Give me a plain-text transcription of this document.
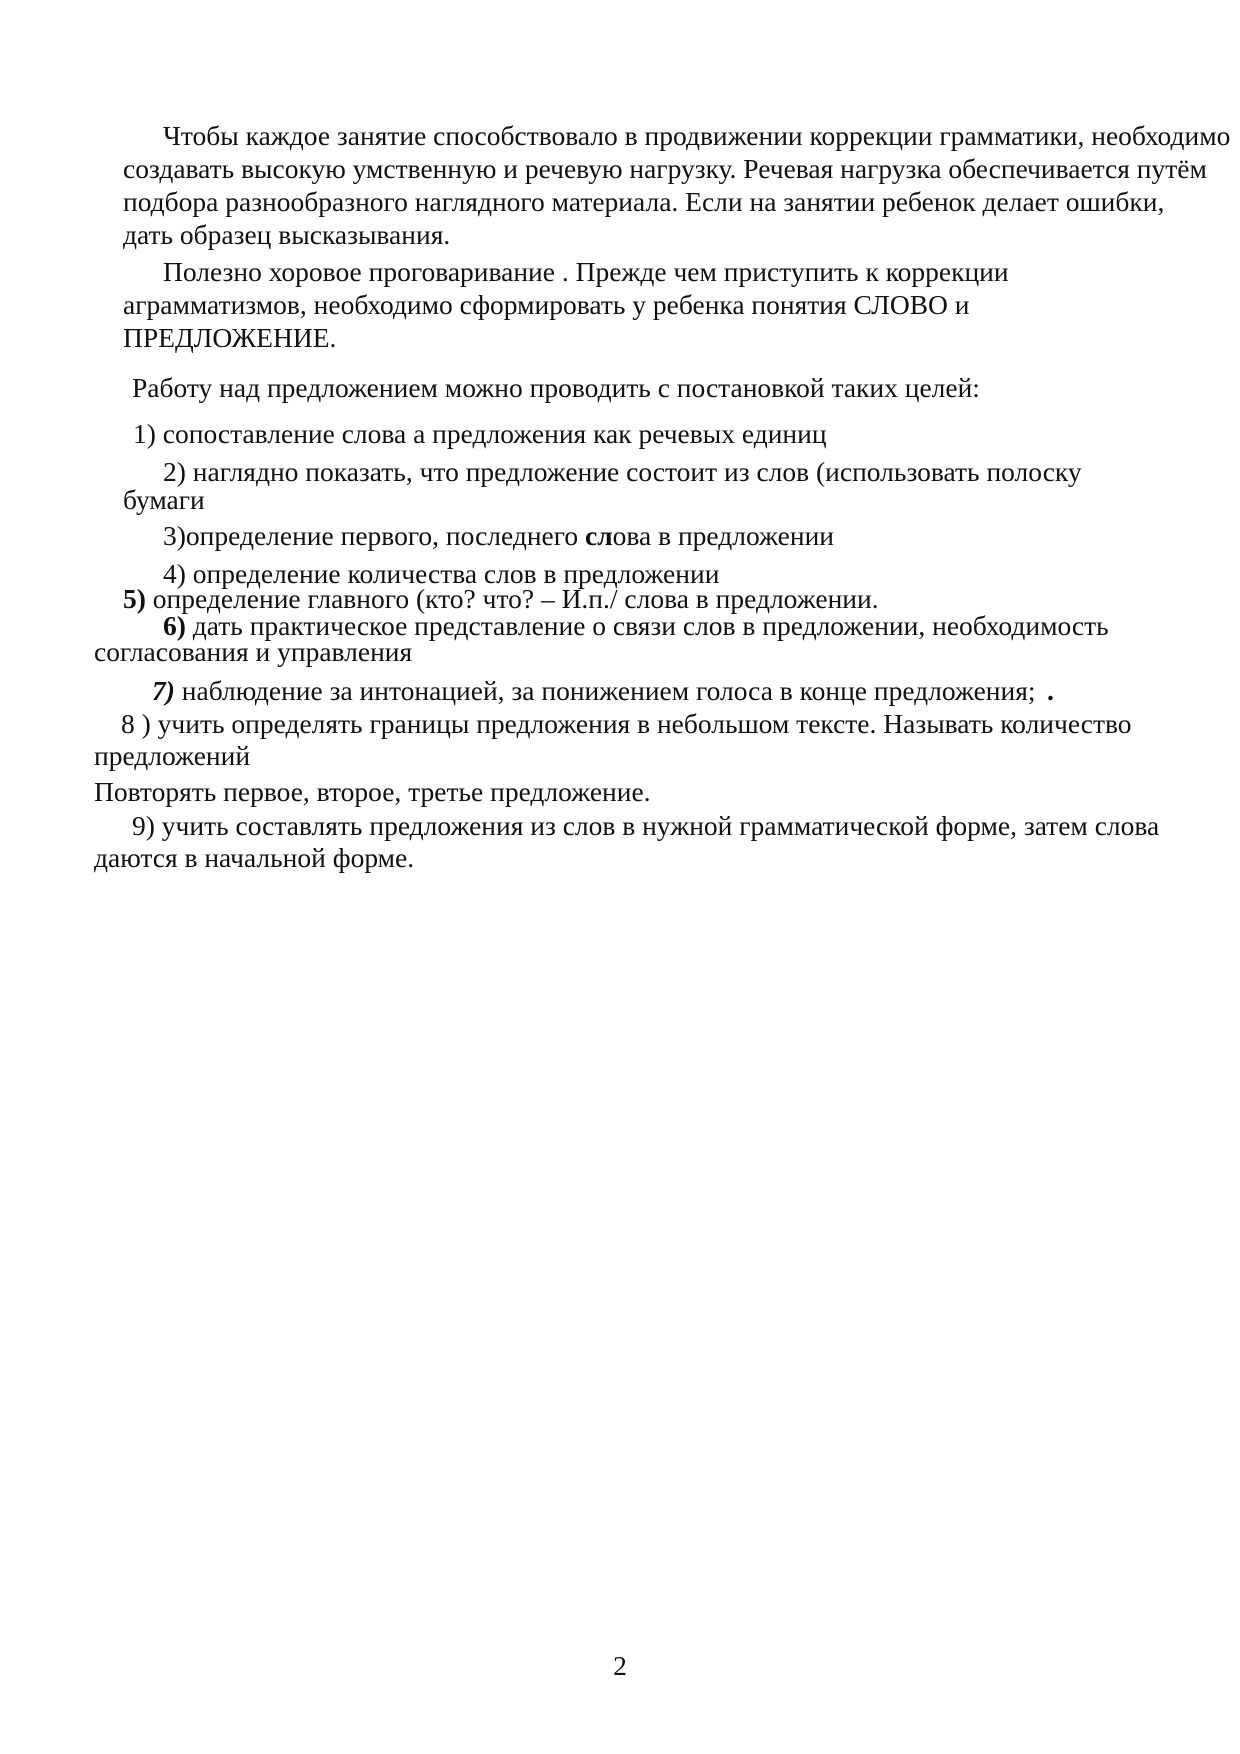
Чтобы каждое занятие способствовало в продвижении коррекции грамматики, необходимо
создавать высокую умственную и речевую нагрузку. Речевая нагрузка обеспечивается путём
подбора разнообразного наглядного материала. Если на занятии ребенок делает ошибки,
дать образец высказывания.
Полезно хоровое проговаривание . Прежде чем приступить к коррекции
аграмматизмов, необходимо сформировать у ребенка понятия СЛОВО и
ПРЕДЛОЖЕНИЕ.
Работу над предложением можно проводить с постановкой таких целей:
1) сопоставление слова а предложения как речевых единиц
2) наглядно показать, что предложение состоит из слов (использовать полоску
бумаги
3)определение первого, последнего слова в предложении
4) определение количества слов в предложении
5) определение главного (кто? что? – И.п./ слова в предложении.
6) дать практическое представление о связи слов в предложении, необходимость
согласования и управления
7) наблюдение за интонацией, за понижением голоса в конце предложения; .
8 ) учить определять границы предложения в небольшом тексте. Называть количество
предложений
Повторять первое, второе, третье предложение.
9) учить составлять предложения из слов в нужной грамматической форме, затем слова
даются в начальной форме.
2
